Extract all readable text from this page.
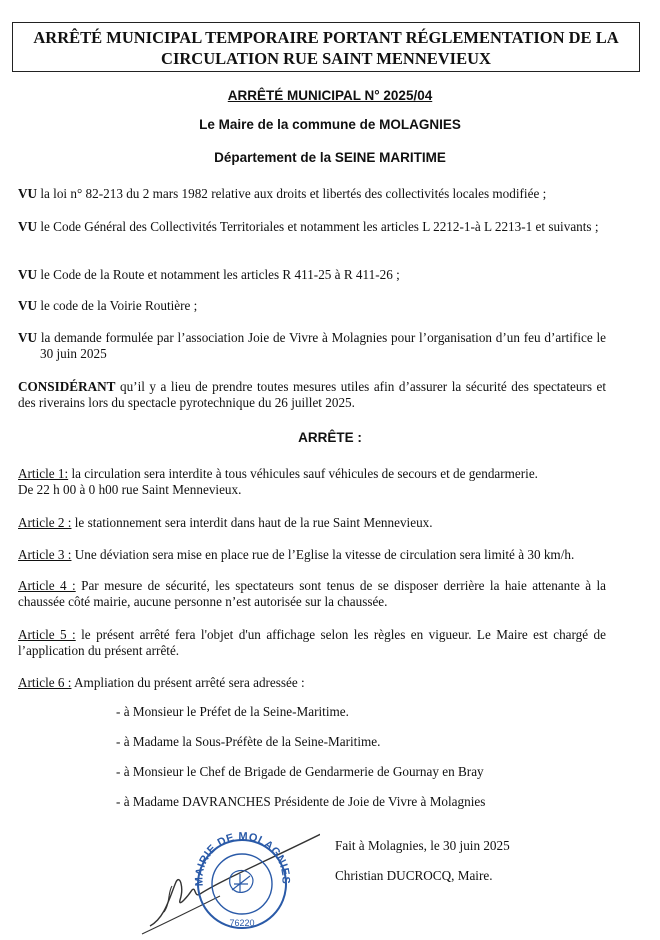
ARRÊTÉ MUNICIPAL TEMPORAIRE PORTANT RÉGLEMENTATION DE LA
CIRCULATION RUE SAINT MENNEVIEUX
ARRÊTÉ MUNICIPAL N° 2025/04
Le Maire de la commune de MOLAGNIES
Département de la SEINE MARITIME
VU la loi n° 82-213 du 2 mars 1982 relative aux droits et libertés des collectivités locales modifiée ;
VU le Code Général des Collectivités Territoriales et notamment les articles L 2212-1-à L 2213-1 et suivants ;
VU le Code de la Route et notamment les articles R 411-25 à R 411-26 ;
VU le code de la Voirie Routière ;
VU la demande formulée par l’association Joie de Vivre à Molagnies pour l’organisation d’un feu d’artifice le 30 juin 2025
CONSIDÉRANT qu’il y a lieu de prendre toutes mesures utiles afin d’assurer la sécurité des spectateurs et des riverains lors du spectacle pyrotechnique du 26 juillet 2025.
ARRÊTE :
Article 1: la circulation sera interdite à tous véhicules sauf véhicules de secours et de gendarmerie.
De 22 h 00 à 0 h00 rue Saint Mennevieux.
Article 2 : le stationnement sera interdit dans haut de la rue Saint Mennevieux.
Article 3 : Une déviation sera mise en place rue de l’Eglise la vitesse de circulation sera limité à 30 km/h.
Article 4 : Par mesure de sécurité, les spectateurs sont tenus de se disposer derrière la haie attenante à la chaussée côté mairie, aucune personne n’est autorisée sur la chaussée.
Article 5 : le présent arrêté fera l'objet d'un affichage selon les règles en vigueur. Le Maire est chargé de l’application du présent arrêté.
Article 6 : Ampliation du présent arrêté sera adressée :
- à Monsieur le Préfet de la Seine-Maritime.
- à Madame la Sous-Préfète de la Seine-Maritime.
- à Monsieur le Chef de Brigade de Gendarmerie de Gournay en Bray
- à Madame DAVRANCHES Présidente de Joie de Vivre à Molagnies
Fait à Molagnies, le 30 juin 2025
Christian DUCROCQ, Maire.
MAIRIE DE MOLAGNIES
76220
